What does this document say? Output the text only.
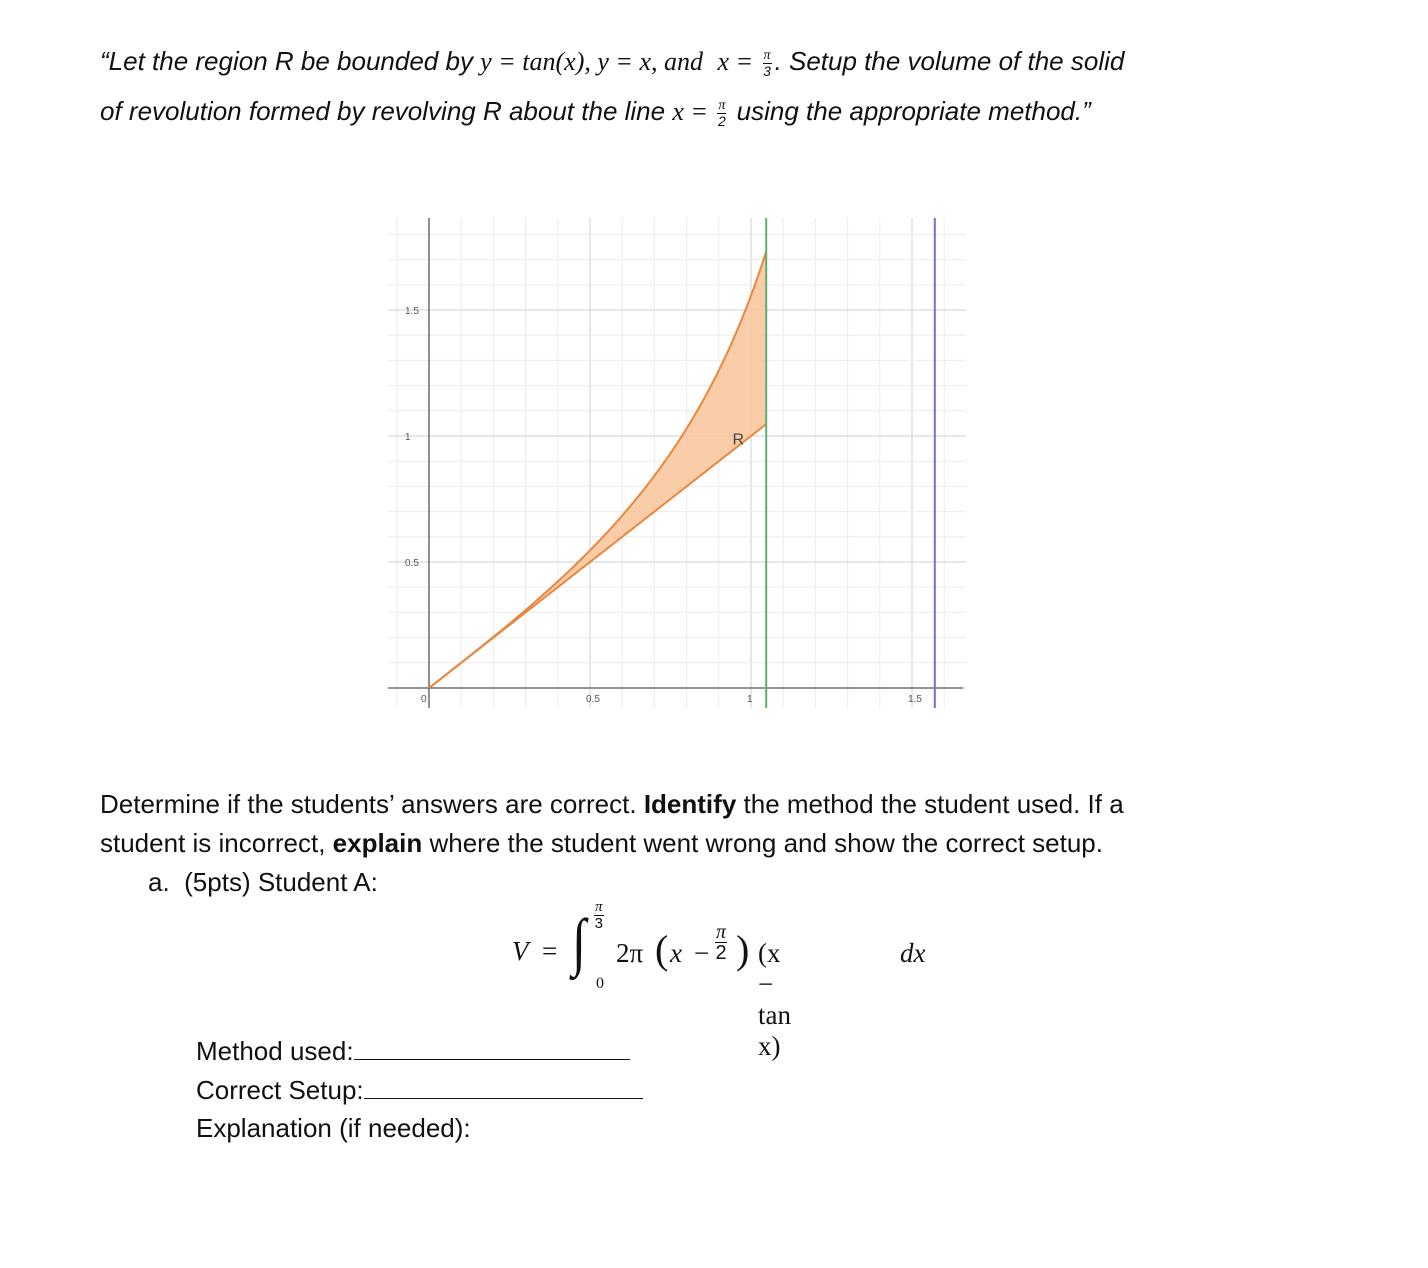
“Let the region R be bounded by y = tan(x), y = x, and $x = \frac{\pi}{3}$ . Setup the volume of the solid
of revolution formed by revolving R about the line $x = \frac{\pi}{2}$ using the appropriate method.”
R
0	0.5	1	1.5
0.5
1
1.5
Determine if the students’ answers are correct. Identify the method the student used. If a
student is incorrect, explain where the student went wrong and show the correct setup.
a. (5pts) Student A:
V = ∫ $\frac{\pi}{3}$
0
2π ( $x - \frac{\pi}{2}$ ) (x − tan x)
dx
Method used:
Correct Setup:
Explanation (if needed):
